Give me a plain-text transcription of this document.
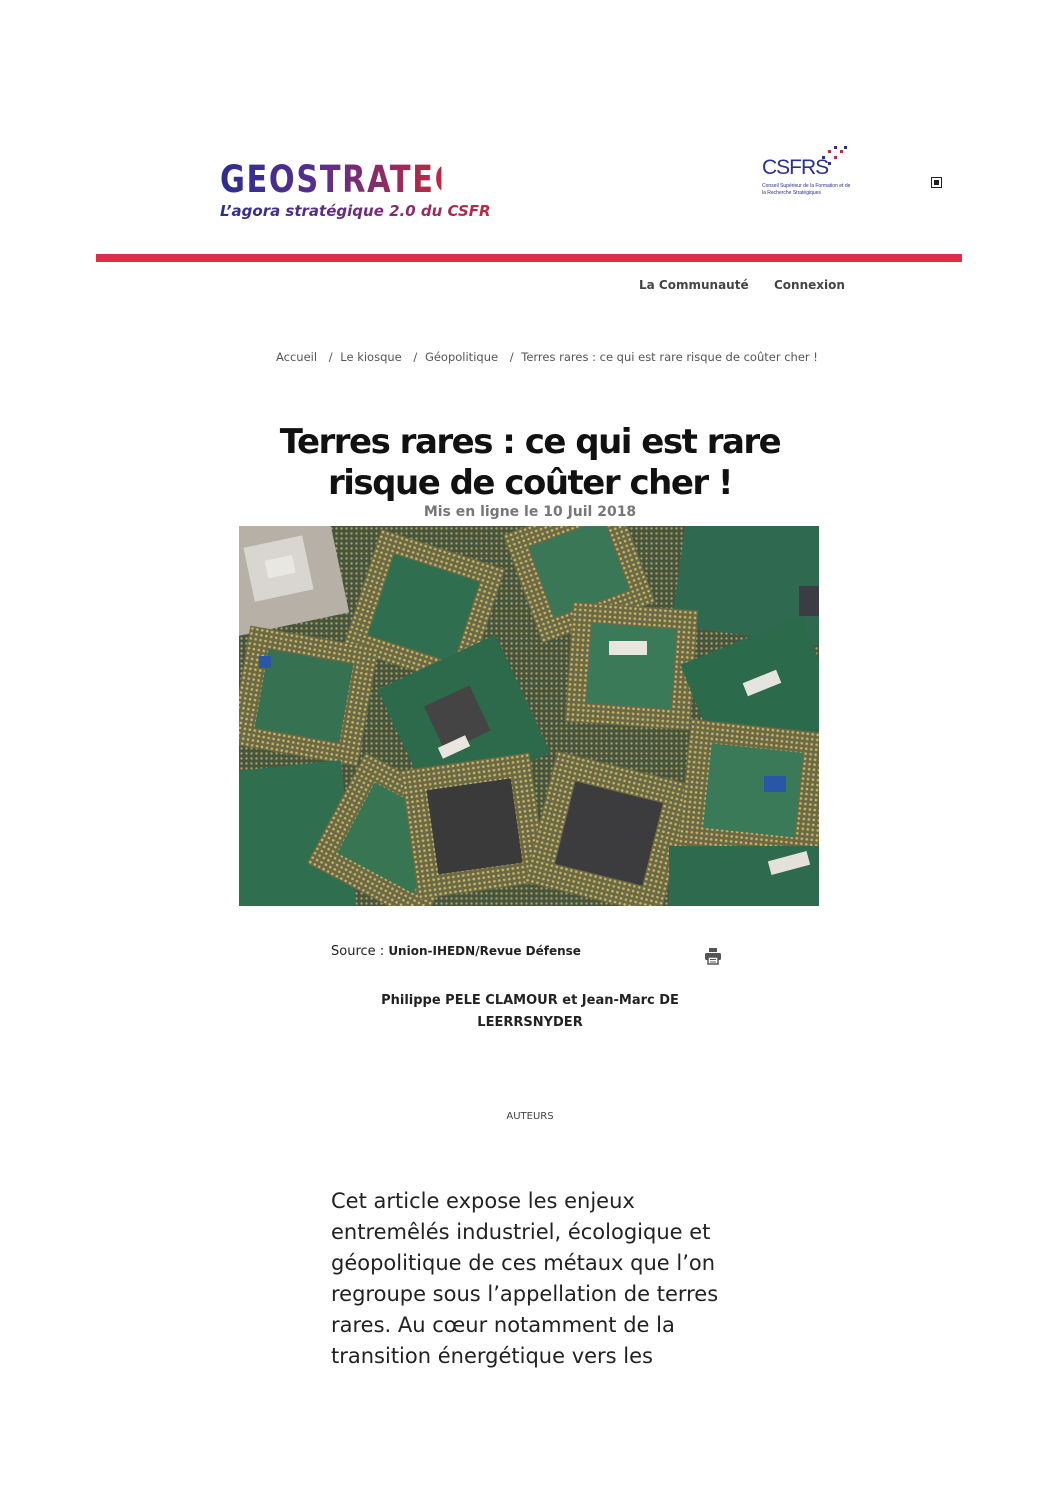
GEOSTRATEGIA
L’agora stratégique 2.0 du CSFRS
CSFRS
Conseil Supérieur de la Formation et de la Recherche Stratégiques
La Communauté Connexion
Accueil / Le kiosque / Géopolitique / Terres rares : ce qui est rare risque de coûter cher !
Terres rares : ce qui est rare risque de coûter cher !
Mis en ligne le 10 Juil 2018
Source : Union-IHEDN/Revue Défense
Philippe PELE CLAMOUR et Jean-Marc DE LEERRSNYDER
AUTEURS
Cet article expose les enjeux entremêlés industriel, écologique et géopolitique de ces métaux que l’on regroupe sous l’appellation de terres rares. Au cœur notamment de la transition énergétique vers les
